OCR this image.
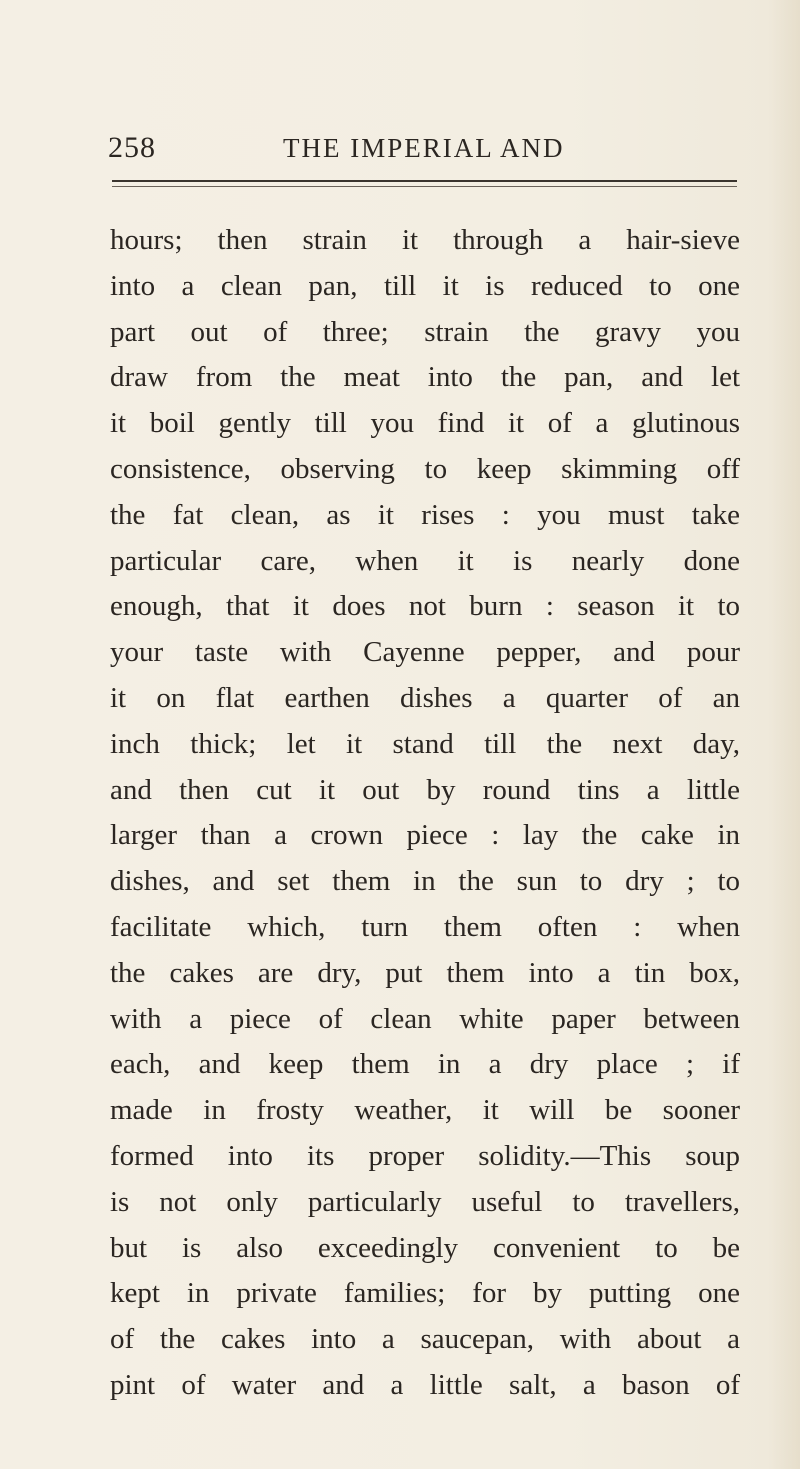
258	THE IMPERIAL AND
hours; then strain it through a hair-sieve
into a clean pan, till it is reduced to one
part out of three; strain the gravy you
draw from the meat into the pan, and let
it boil gently till you find it of a glutinous
consistence, observing to keep skimming off
the fat clean, as it rises : you must take
particular care, when it is nearly done
enough, that it does not burn : season it to
your taste with Cayenne pepper, and pour
it on flat earthen dishes a quarter of an
inch thick; let it stand till the next day,
and then cut it out by round tins a little
larger than a crown piece : lay the cake in
dishes, and set them in the sun to dry ; to
facilitate which, turn them often : when
the cakes are dry, put them into a tin box,
with a piece of clean white paper between
each, and keep them in a dry place ; if
made in frosty weather, it will be sooner
formed into its proper solidity.—This soup
is not only particularly useful to travellers,
but is also exceedingly convenient to be
kept in private families; for by putting one
of the cakes into a saucepan, with about a
pint of water and a little salt, a bason of
